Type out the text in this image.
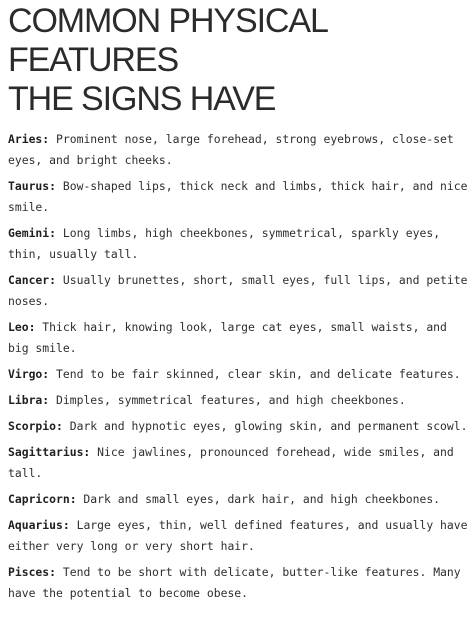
COMMON PHYSICAL FEATURES
THE SIGNS HAVE
Aries: Prominent nose, large forehead, strong eyebrows, close-set eyes, and bright cheeks.
Taurus: Bow-shaped lips, thick neck and limbs, thick hair, and nice smile.
Gemini: Long limbs, high cheekbones, symmetrical, sparkly eyes, thin, usually tall.
Cancer: Usually brunettes, short, small eyes, full lips, and petite noses.
Leo: Thick hair, knowing look, large cat eyes, small waists, and big smile.
Virgo: Tend to be fair skinned, clear skin, and delicate features.
Libra: Dimples, symmetrical features, and high cheekbones.
Scorpio: Dark and hypnotic eyes, glowing skin, and permanent scowl.
Sagittarius: Nice jawlines, pronounced forehead, wide smiles, and tall.
Capricorn: Dark and small eyes, dark hair, and high cheekbones.
Aquarius: Large eyes, thin, well defined features, and usually have either very long or very short hair.
Pisces: Tend to be short with delicate, butter-like features. Many have the potential to become obese.
